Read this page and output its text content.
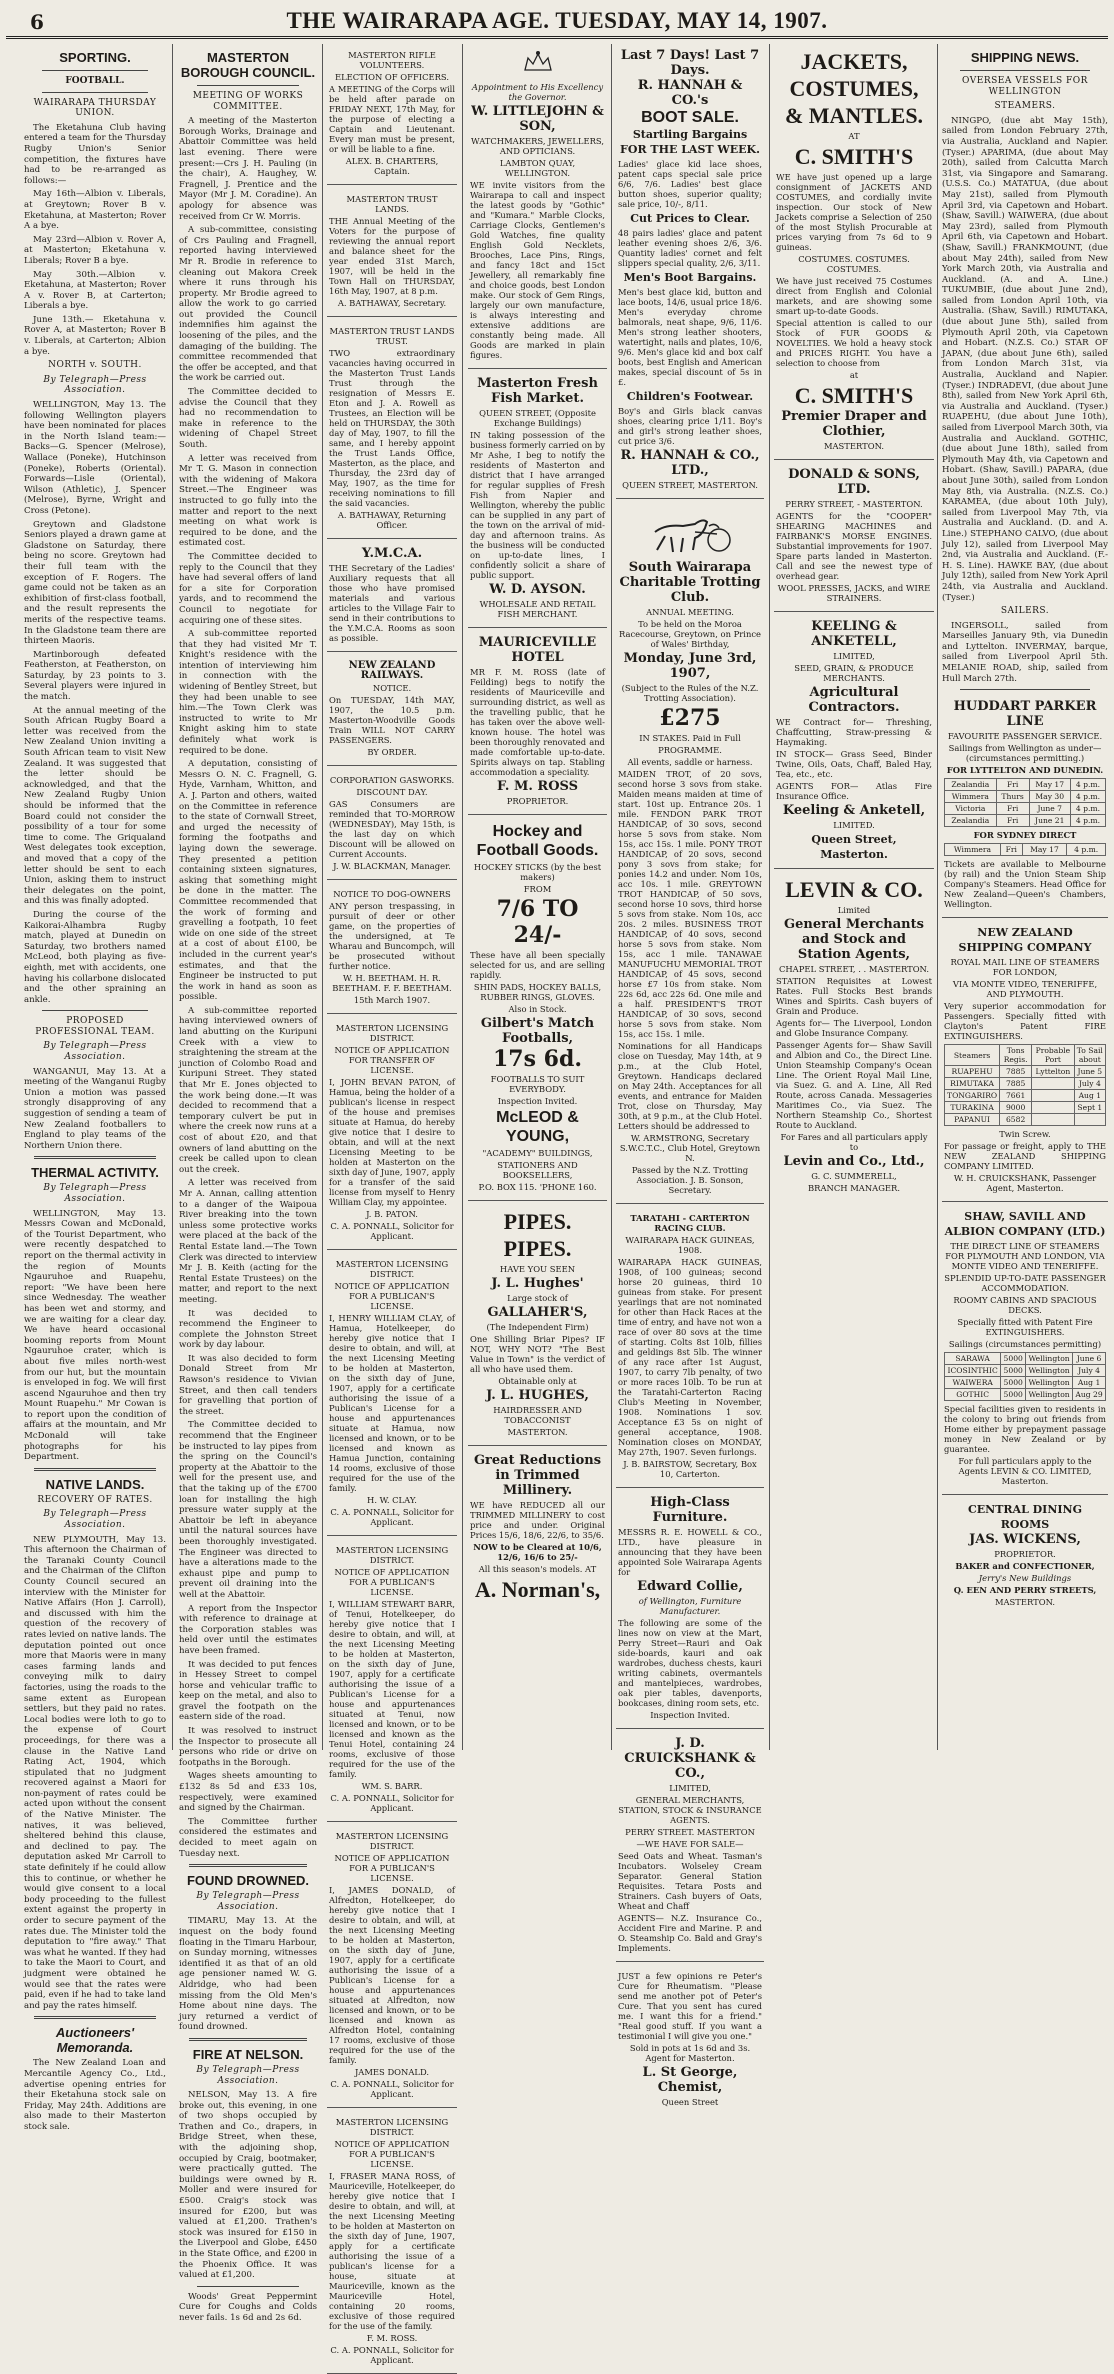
6	THE WAIRARAPA AGE. TUESDAY, MAY 14, 1907.
SPORTING.
FOOTBALL.
WAIRARAPA THURSDAY UNION.

The Eketahuna Club having entered a team for the Thursday Rugby Union's Senior competition, the fixtures have had to be re-arranged as follows:—

May 16th—Albion v. Liberals, at Greytown; Rover B v. Eketahuna, at Masterton; Rover A a bye.

May 23rd—Albion v. Rover A, at Masterton; Eketahuna v. Liberals; Rover B a bye.

May 30th.—Albion v. Eketahuna, at Masterton; Rover A v. Rover B, at Carterton; Liberals a bye.

June 13th.— Eketahuna v. Rover A, at Masterton; Rover B v. Liberals, at Carterton; Albion a bye.

NORTH v. SOUTH.
By Telegraph—Press Association.

WELLINGTON, May 13. The following Wellington players have been nominated for places in the North Island team:—Backs—G. Spencer (Melrose), Wallace (Poneke), Hutchinson (Poneke), Roberts (Oriental). Forwards—Lisle (Oriental), Wilson (Athletic), J. Spencer (Melrose), Byrne, Wright and Cross (Petone).

Greytown and Gladstone Seniors played a drawn game at Gladstone on Saturday, there being no score. Greytown had their full team with the exception of F. Rogers. The game could not be taken as an exhibition of first-class football, and the result represents the merits of the respective teams. In the Gladstone team there are thirteen Maoris.

Martinborough defeated Featherston, at Featherston, on Saturday, by 23 points to 3. Several players were injured in the match.

At the annual meeting of the South African Rugby Board a letter was received from the New Zealand Union inviting a South African team to visit New Zealand. It was suggested that the letter should be acknowledged, and that the New Zealand Rugby Union should be informed that the Board could not consider the possibility of a tour for some time to come. The Griqualand West delegates took exception, and moved that a copy of the letter should be sent to each Union, asking them to instruct their delegates on the point, and this was finally adopted.

During the course of the Kaikorai-Alhambra Rugby match, played at Dunedin on Saturday, two brothers named McLeod, both playing as five-eighth, met with accidents, one having his collarbone dislocated and the other spraining an ankle.

PROPOSED PROFESSIONAL TEAM.
By Telegraph—Press Association.

WANGANUI, May 13. At a meeting of the Wanganui Rugby Union a motion was passed strongly disapproving of any suggestion of sending a team of New Zealand footballers to England to play teams of the Northern Union there.

THERMAL ACTIVITY.
By Telegraph—Press Association.

WELLINGTON, May 13. Messrs Cowan and McDonald, of the Tourist Department, who were recently despatched to report on the thermal activity in the region of Mounts Ngauruhoe and Ruapehu, report: "We have been here since Wednesday. The weather has been wet and stormy, and we are waiting for a clear day. We have heard occasional booming reports from Mount Ngauruhoe crater, which is about five miles north-west from our hut, but the mountain is enveloped in fog. We will first ascend Ngauruhoe and then try Mount Ruapehu." Mr Cowan is to report upon the condition of affairs at the mountain, and Mr McDonald will take photographs for his Department.

NATIVE LANDS.
RECOVERY OF RATES.
By Telegraph—Press Association.

NEW PLYMOUTH, May 13. This afternoon the Chairman of the Taranaki County Council and the Chairman of the Clifton County Council secured an interview with the Minister for Native Affairs (Hon J. Carroll), and discussed with him the question of the recovery of rates levied on native lands. The deputation pointed out once more that Maoris were in many cases farming lands and conveying milk to dairy factories, using the roads to the same extent as European settlers, but they paid no rates. Local bodies were loth to go to the expense of Court proceedings, for there was a clause in the Native Land Rating Act, 1904, which stipulated that no judgment recovered against a Maori for non-payment of rates could be acted upon without the consent of the Native Minister. The natives, it was believed, sheltered behind this clause, and declined to pay. The deputation asked Mr Carroll to state definitely if he could allow this to continue, or whether he would give consent to a local body proceeding to the fullest extent against the property in order to secure payment of the rates due. The Minister told the deputation to "fire away." That was what he wanted. If they had to take the Maori to Court, and judgment were obtained he would see that the rates were paid, even if he had to take land and pay the rates himself.

Auctioneers' Memoranda.

The New Zealand Loan and Mercantile Agency Co., Ltd., advertise opening entries for their Eketahuna stock sale on Friday, May 24th. Additions are also made to their Masterton stock sale.

MASTERTON BOROUGH COUNCIL.
MEETING OF WORKS COMMITTEE.

A meeting of the Masterton Borough Works, Drainage and Abattoir Committee was held last evening. There were present:—Crs J. H. Pauling (in the chair), A. Haughey, W. Fragnell, J. Prentice and the Mayor (Mr J. M. Coradine). An apology for absence was received from Cr W. Morris.

A sub-committee, consisting of Crs Pauling and Fragnell, reported having interviewed Mr R. Brodie in reference to cleaning out Makora Creek where it runs through his property. Mr Brodie agreed to allow the work to go carried out provided the Council indemnifies him against the loosening of the piles, and the damaging of the building. The committee recommended that the offer be accepted, and that the work be carried out.

The Committee decided to advise the Council that they had no recommendation to make in reference to the widening of Chapel Street South.

A letter was received from Mr T. G. Mason in connection with the widening of Makora Street.—The Engineer was instructed to go fully into the matter and report to the next meeting on what work is required to be done, and the estimated cost.

The Committee decided to reply to the Council that they have had several offers of land for a site for Corporation yards, and to recommend the Council to negotiate for acquiring one of these sites.

A sub-committee reported that they had visited Mr T. Knight's residence with the intention of interviewing him in connection with the widening of Bentley Street, but they had been unable to see him.—The Town Clerk was instructed to write to Mr Knight asking him to state definitely what work is required to be done.

A deputation, consisting of Messrs O. N. C. Fragnell, G. Hyde, Varnham, Whitton, and A. J. Parton and others, waited on the Committee in reference to the state of Cornwall Street, and urged the necessity of forming the footpaths and laying down the sewerage. They presented a petition containing sixteen signatures, asking that something might be done in the matter. The Committee recommended that the work of forming and gravelling a footpath, 10 feet wide on one side of the street at a cost of about £100, be included in the current year's estimates, and that the Engineer be instructed to put the work in hand as soon as possible.

A sub-committee reported having interviewed owners of land abutting on the Kuripuni Creek with a view to straightening the stream at the junction of Colombo Road and Kuripuni Street. They stated that Mr E. Jones objected to the work being done.—It was decided to recommend that a temporary culvert be put in where the creek now runs at a cost of about £20, and that owners of land abutting on the creek be called upon to clean out the creek.

A letter was received from Mr A. Annan, calling attention to a danger of the Waipoua River breaking into the town unless some protective works were placed at the back of the Rental Estate land.—The Town Clerk was directed to interview Mr J. B. Keith (acting for the Rental Estate Trustees) on the matter, and report to the next meeting.

It was decided to recommend the Engineer to complete the Johnston Street work by day labour.

It was also decided to form Donald Street from Mr Rawson's residence to Vivian Street, and then call tenders for gravelling that portion of the street.

The Committee decided to recommend that the Engineer be instructed to lay pipes from the spring on the Council's property at the Abattoir to the well for the present use, and that the taking up of the £700 loan for installing the high pressure water supply at the Abattoir be left in abeyance until the natural sources have been thoroughly investigated. The Engineer was directed to have a alterations made to the exhaust pipe and pump to prevent oil draining into the well at the Abattoir.

A report from the Inspector with reference to drainage at the Corporation stables was held over until the estimates have been framed.

It was decided to put fences in Hessey Street to compel horse and vehicular traffic to keep on the metal, and also to gravel the footpath on the eastern side of the road.

It was resolved to instruct the Inspector to prosecute all persons who ride or drive on footpaths in the Borough.

Wages sheets amounting to £132 8s 5d and £33 10s, respectively, were examined and signed by the Chairman.

The Committee further considered the estimates and decided to meet again on Tuesday next.

FOUND DROWNED.
By Telegraph—Press Association.

TIMARU, May 13. At the inquest on the body found floating in the Timaru Harbour, on Sunday morning, witnesses identified it as that of an old age pensioner named W. G. Aldridge, who had been missing from the Old Men's Home about nine days. The jury returned a verdict of found drowned.

FIRE AT NELSON.
By Telegraph—Press Association.

NELSON, May 13. A fire broke out, this evening, in one of two shops occupied by Trathen and Co., drapers, in Bridge Street, when these, with the adjoining shop, occupied by Craig, bootmaker, were practically gutted. The buildings were owned by R. Moller and were insured for £500. Craig's stock was insured for £200, but was valued at £1,200. Trathen's stock was insured for £150 in the Liverpool and Globe, £450 in the State Office, and £200 in the Phoenix Office. It was valued at £1,200.

Woods' Great Peppermint Cure for Coughs and Colds never fails. 1s 6d and 2s 6d.

MASTERTON RIFLE VOLUNTEERS.
ELECTION OF OFFICERS.
A MEETING of the Corps will be held after parade on FRIDAY NEXT, 17th May, for the purpose of electing a Captain and Lieutenant. Every man must be present, or will be liable to a fine.
ALEX. B. CHARTERS, Captain.
MASTERTON TRUST LANDS.
THE Annual Meeting of the Voters for the purpose of reviewing the annual report and balance sheet for the year ended 31st March, 1907, will be held in the Town Hall on THURSDAY, 16th May, 1907, at 8 p.m.
A. BATHAWAY, Secretary.
MASTERTON TRUST LANDS TRUST.
TWO extraordinary vacancies having occurred in the Masterton Trust Lands Trust through the resignation of Messrs E. Eton and J. A. Rowell as Trustees, an Election will be held on THURSDAY, the 30th day of May, 1907, to fill the same, and I hereby appoint the Trust Lands Office, Masterton, as the place, and Thursday, the 23rd day of May, 1907, as the time for receiving nominations to fill the said vacancies.
A. BATHAWAY, Returning Officer.
Y.M.C.A.
THE Secretary of the Ladies' Auxiliary requests that all those who have promised materials and various articles to the Village Fair to send in their contributions to the Y.M.C.A. Rooms as soon as possible.
NEW ZEALAND RAILWAYS.
NOTICE.
On TUESDAY, 14th MAY, 1907, the 10.5 p.m. Masterton-Woodville Goods Train WILL NOT CARRY PASSENGERS.
BY ORDER.
CORPORATION GASWORKS.
DISCOUNT DAY.
GAS Consumers are reminded that TO-MORROW (WEDNESDAY), May 15th, is the last day on which Discount will be allowed on Current Accounts.
J. W. BLACKMAN, Manager.
NOTICE TO DOG-OWNERS
ANY person trespassing, in pursuit of deer or other game, on the properties of the undersigned, at Te Wharau and Buncompch, will be prosecuted without further notice.
W. H. BEETHAM. H. R. BEETHAM. F. F. BEETHAM.
15th March 1907.
MASTERTON LICENSING DISTRICT.
NOTICE OF APPLICATION FOR TRANSFER OF LICENSE.
I, JOHN BEVAN PATON, of Hamua, being the holder of a publican's license in respect of the house and premises situate at Hamua, do hereby give notice that I desire to obtain, and will at the next Licensing Meeting to be holden at Masterton on the sixth day of June, 1907, apply for a transfer of the said license from myself to Henry William Clay, my appointee.
J. B. PATON.
C. A. PONNALL, Solicitor for Applicant.
MASTERTON LICENSING DISTRICT.
NOTICE OF APPLICATION FOR A PUBLICAN'S LICENSE.
I, HENRY WILLIAM CLAY, of Hamua, Hotelkeeper, do hereby give notice that I desire to obtain, and will, at the next Licensing Meeting to be holden at Masterton, on the sixth day of June, 1907, apply for a certificate authorising the issue of a Publican's License for a house and appurtenances situate at Hamua, now licensed and known, or to be licensed and known as Hamua Junction, containing 14 rooms, exclusive of those required for the use of the family.
H. W. CLAY.
C. A. PONNALL, Solicitor for Applicant.
MASTERTON LICENSING DISTRICT.
NOTICE OF APPLICATION FOR A PUBLICAN'S LICENSE.
I, WILLIAM STEWART BARR, of Tenui, Hotelkeeper, do hereby give notice that I desire to obtain, and will, at the next Licensing Meeting to be holden at Masterton, on the sixth day of June, 1907, apply for a certificate authorising the issue of a Publican's License for a house and appurtenances situated at Tenui, now licensed and known, or to be licensed and known as the Tenui Hotel, containing 24 rooms, exclusive of those required for the use of the family.
WM. S. BARR.
C. A. PONNALL, Solicitor for Applicant.
MASTERTON LICENSING DISTRICT.
NOTICE OF APPLICATION FOR A PUBLICAN'S LICENSE.
I, JAMES DONALD, of Alfredton, Hotelkeeper, do hereby give notice that I desire to obtain, and will, at the next Licensing Meeting to be holden at Masterton, on the sixth day of June, 1907, apply for a certificate authorising the issue of a Publican's License for a house and appurtenances situated at Alfredton, now licensed and known, or to be licensed and known as Alfredton Hotel, containing 17 rooms, exclusive of those required for the use of the family.
JAMES DONALD.
C. A. PONNALL, Solicitor for Applicant.
MASTERTON LICENSING DISTRICT.
NOTICE OF APPLICATION FOR A PUBLICAN'S LICENSE.
I, FRASER MANA ROSS, of Mauriceville, Hotelkeeper, do hereby give notice that I desire to obtain, and will, at the next Licensing Meeting to be holden at Masterton on the sixth day of June, 1907, apply for a certificate authorising the issue of a publican's license for a house, situate at Mauriceville, known as the Mauriceville Hotel, containing 20 rooms, exclusive of those required for the use of the family.
F. M. ROSS.
C. A. PONNALL, Solicitor for Applicant.
Appointment to His Excellency the Governor.
W. LITTLEJOHN & SON,
WATCHMAKERS, JEWELLERS, AND OPTICIANS.
LAMBTON QUAY, WELLINGTON.
WE invite visitors from the Wairarapa to call and inspect the latest goods by "Gothic" and "Kumara." Marble Clocks, Carriage Clocks, Gentlemen's Gold Watches, fine quality English Gold Necklets, Brooches, Lace Pins, Rings, and fancy 18ct and 15ct Jewellery, all remarkably fine and choice goods, best London make. Our stock of Gem Rings, largely our own manufacture, is always interesting and extensive additions are constantly being made. All Goods are marked in plain figures.
Masterton Fresh Fish Market.
QUEEN STREET, (Opposite Exchange Buildings)
IN taking possession of the business formerly carried on by Mr Ashe, I beg to notify the residents of Masterton and district that I have arranged for regular supplies of Fresh Fish from Napier and Wellington, whereby the public can be supplied in any part of the town on the arrival of mid-day and afternoon trains. As the business will be conducted on up-to-date lines, I confidently solicit a share of public support.
W. D. AYSON.
WHOLESALE AND RETAIL FISH MERCHANT.
MAURICEVILLE HOTEL
MR F. M. ROSS (late of Feilding) begs to notify the residents of Mauriceville and surrounding district, as well as the travelling public, that he has taken over the above well-known house. The hotel was been thoroughly renovated and made comfortable up-to-date. Spirits always on tap. Stabling accommodation a speciality.
F. M. ROSS
PROPRIETOR.
Hockey and Football Goods.
HOCKEY STICKS (by the best makers)
FROM
7/6 TO 24/-
These have all been specially selected for us, and are selling rapidly.
SHIN PADS, HOCKEY BALLS, RUBBER RINGS, GLOVES.
Also in Stock.
Gilbert's Match Footballs,
17s 6d.
FOOTBALLS TO SUIT EVERYBODY.
Inspection Invited.
McLEOD & YOUNG,
"ACADEMY" BUILDINGS,
STATIONERS AND BOOKSELLERS,
P.O. BOX 115. 'PHONE 160.
PIPES. PIPES.
HAVE YOU SEEN
J. L. Hughes'
Large stock of
GALLAHER'S,
(The Independent Firm)
One Shilling Briar Pipes? IF NOT, WHY NOT? "The Best Value in Town" is the verdict of all who have used them.
Obtainable only at
J. L. HUGHES,
HAIRDRESSER AND TOBACCONIST
MASTERTON.
Great Reductions in Trimmed Millinery.
WE have REDUCED all our TRIMMED MILLINERY to cost price and under. Original Prices 15/6, 18/6, 22/6, to 35/6.
NOW to be Cleared at 10/6, 12/6, 16/6 to 25/-
All this season's models. AT
A. Norman's,
Last 7 Days! Last 7 Days.
R. HANNAH & CO.'s
BOOT SALE.
Startling Bargains
FOR THE LAST WEEK.
Ladies' glace kid lace shoes, patent caps special sale price 6/6, 7/6. Ladies' best glace button shoes, superior quality; sale price, 10/-, 8/11.
Cut Prices to Clear.
48 pairs ladies' glace and patent leather evening shoes 2/6, 3/6. Quantity ladies' cornet and felt slippers special quality, 2/6, 3/11.
Men's Boot Bargains.
Men's best glace kid, button and lace boots, 14/6, usual price 18/6. Men's everyday chrome balmorals, neat shape, 9/6, 11/6. Men's strong leather shooters, watertight, nails and plates, 10/6, 9/6. Men's glace kid and box calf boots, best English and American makes, special discount of 5s in £.
Children's Footwear.
Boy's and Girls black canvas shoes, clearing price 1/11. Boy's and girl's strong leather shoes, cut price 3/6.
R. HANNAH & CO., LTD.,
QUEEN STREET, MASTERTON.
South Wairarapa Charitable Trotting Club.
ANNUAL MEETING.
To be held on the Moroa Racecourse, Greytown, on Prince of Wales' Birthday,
Monday, June 3rd, 1907,
(Subject to the Rules of the N.Z. Trotting Association).
£275
IN STAKES. Paid in Full
PROGRAMME.
All events, saddle or harness.
MAIDEN TROT, of 20 sovs, second horse 3 sovs from stake. Maiden means maiden at time of start. 10st up. Entrance 20s. 1 mile. FENDON PARK TROT HANDICAP, of 30 sovs, second horse 5 sovs from stake. Nom 15s, acc 15s. 1 mile. PONY TROT HANDICAP, of 20 sovs, second pony 3 sovs from stake; for ponies 14.2 and under. Nom 10s, acc 10s. 1 mile. GREYTOWN TROT HANDICAP, of 50 sovs, second horse 10 sovs, third horse 5 sovs from stake. Nom 10s, acc 20s. 2 miles. BUSINESS TROT HANDICAP, of 40 sovs, second horse 5 sovs from stake. Nom 15s, acc 1 mile. TANAWAE MANUFUCHU MEMORIAL TROT HANDICAP, of 45 sovs, second horse £7 10s from stake. Nom 22s 6d, acc 22s 6d. One mile and a half. PRESIDENT'S TROT HANDICAP, of 30 sovs, second horse 5 sovs from stake. Nom 15s, acc 15s. 1 mile.
Nominations for all Handicaps close on Tuesday, May 14th, at 9 p.m., at the Club Hotel, Greytown. Handicaps declared on May 24th. Acceptances for all events, and entrance for Maiden Trot, close on Thursday, May 30th, at 9 p.m., at the Club Hotel. Letters should be addressed to
W. ARMSTRONG, Secretary S.W.C.T.C., Club Hotel, Greytown N.
Passed by the N.Z. Trotting Association. J. B. Sonson, Secretary.
TARATAHI - CARTERTON RACING CLUB.
WAIRARAPA HACK GUINEAS, 1908.
WAIRARAPA HACK GUINEAS, 1908, of 100 guineas; second horse 20 guineas, third 10 guineas from stake. For present yearlings that are not nominated for other than Hack Races at the time of entry, and have not won a race of over 80 sovs at the time of starting. Colts 8st 10lb, fillies and geldings 8st 5lb. The winner of any race after 1st August, 1907, to carry 7lb penalty, of two or more races 10lb. To be run at the Taratahi-Carterton Racing Club's Meeting in November, 1908. Nominations 1 sov. Acceptance £3 5s on night of general acceptance, 1908. Nomination closes on MONDAY, May 27th, 1907. Seven furlongs.
J. B. BAIRSTOW, Secretary, Box 10, Carterton.
High-Class Furniture.
MESSRS R. E. HOWELL & CO., LTD., have pleasure in announcing that they have been appointed Sole Wairarapa Agents for
Edward Collie,
of Wellington, Furniture Manufacturer.
The following are some of the lines now on view at the Mart, Perry Street—Rauri and Oak side-boards, kauri and oak wardrobes, duchess chests, kauri writing cabinets, overmantels and mantelpieces, wardrobes, oak pier tables, davenports, bookcases, dining room sets, etc.
Inspection Invited.
J. D. CRUICKSHANK & CO.,
LIMITED,
GENERAL MERCHANTS, STATION, STOCK & INSURANCE AGENTS.
PERRY STREET. MASTERTON
—WE HAVE FOR SALE—
Seed Oats and Wheat. Tasman's Incubators. Wolseley Cream Separator. General Station Requisites. Tetara Posts and Strainers. Cash buyers of Oats, Wheat and Chaff
AGENTS— N.Z. Insurance Co., Accident Fire and Marine. P. and O. Steamship Co. Bald and Gray's Implements.
JUST a few opinions re Peter's Cure for Rheumatism. "Please send me another pot of Peter's Cure. That you sent has cured me. I want this for a friend." "Real good stuff. If you want a testimonial I will give you one."
Sold in pots at 1s 6d and 3s. Agent for Masterton.
L. St George, Chemist,
Queen Street
JACKETS,
COSTUMES,
& MANTLES.
AT
C. SMITH'S
WE have just opened up a large consignment of JACKETS AND COSTUMES, and cordially invite inspection. Our stock of New Jackets comprise a Selection of 250 of the most Stylish Procurable at prices varying from 7s 6d to 9 guineas.
COSTUMES. COSTUMES. COSTUMES.
We have just received 75 Costumes direct from English and Colonial markets, and are showing some smart up-to-date Goods.
Special attention is called to our Stock of FUR GOODS & NOVELTIES. We hold a heavy stock and PRICES RIGHT. You have a selection to choose from
at
C. SMITH'S
Premier Draper and Clothier,
MASTERTON.
DONALD & SONS, LTD.
PERRY STREET, - MASTERTON.
AGENTS for the "COOPER" SHEARING MACHINES and FAIRBANK'S MORSE ENGINES. Substantial improvements for 1907. Spare parts landed in Masterton. Call and see the newest type of overhead gear.
WOOL PRESSES, JACKS, and WIRE STRAINERS.
KEELING & ANKETELL,
LIMITED,
SEED, GRAIN, & PRODUCE MERCHANTS.
Agricultural Contractors.
WE Contract for— Threshing, Chaffcutting, Straw-pressing & Haymaking.
IN STOCK— Grass Seed, Binder Twine, Oils, Oats, Chaff, Baled Hay, Tea, etc., etc.
AGENTS FOR— Atlas Fire Insurance Office.
Keeling & Anketell,
LIMITED.
Queen Street, Masterton.
LEVIN & CO.
Limited
General Merchants and Stock and Station Agents,
CHAPEL STREET, . . MASTERTON.
STATION Requisites at Lowest Rates. Full Stocks Best brands Wines and Spirits. Cash buyers of Grain and Produce.
Agents for— The Liverpool, London and Globe Insurance Company.
Passenger Agents for— Shaw Savill and Albion and Co., the Direct Line. Union Steamship Company's Ocean Line. The Orient Royal Mail Line, via Suez. G. and A. Line, All Red Route, across Canada. Messageries Maritimes Co., via Suez. The Northern Steamship Co., Shortest Route to Auckland.
For Fares and all particulars apply to
Levin and Co., Ltd.,
G. C. SUMMERELL,
BRANCH MANAGER.
SHIPPING NEWS.
OVERSEA VESSELS FOR WELLINGTON
STEAMERS.

NINGPO, (due abt May 15th), sailed from London February 27th, via Australia, Auckland and Napier. (Tyser.) APARIMA, (due about May 20th), sailed from Calcutta March 31st, via Singapore and Samarang. (U.S.S. Co.) MATATUA, (due about May 21st), sailed from Plymouth April 3rd, via Capetown and Hobart. (Shaw, Savill.) WAIWERA, (due about May 23rd), sailed from Plymouth April 6th, via Capetown and Hobart. (Shaw, Savill.) FRANKMOUNT, (due about May 24th), sailed from New York March 20th, via Australia and Auckland. (A. and A. Line.) TUKUMBIE, (due about June 2nd), sailed from London April 10th, via Australia. (Shaw, Savill.) RIMUTAKA, (due about June 5th), sailed from Plymouth April 20th, via Capetown and Hobart. (N.Z.S. Co.) STAR OF JAPAN, (due about June 6th), sailed from London March 31st, via Australia, Auckland and Napier. (Tyser.) INDRADEVI, (due about June 8th), sailed from New York April 6th, via Australia and Auckland. (Tyser.) RUAPEHU, (due about June 10th), sailed from Liverpool March 30th, via Australia and Auckland. GOTHIC, (due about June 18th), sailed from Plymouth May 4th, via Capetown and Hobart. (Shaw, Savill.) PAPARA, (due about June 30th), sailed from London May 8th, via Australia. (N.Z.S. Co.) KARAMEA, (due about 10th July), sailed from Liverpool May 7th, via Australia and Auckland. (D. and A. Line.) STEPHANO CALVO, (due about July 12), sailed from Liverpool May 2nd, via Australia and Auckland. (F.-H. S. Line). HAWKE BAY, (due about July 12th), sailed from New York April 24th, via Australia and Auckland. (Tyser.)

SAILERS.

INGERSOLL, sailed from Marseilles January 9th, via Dunedin and Lyttelton. INVERMAY, barque, sailed from Liverpool April 5th. MELANIE ROAD, ship, sailed from Hull March 27th.

HUDDART PARKER LINE
FAVOURITE PASSENGER SERVICE.
Sailings from Wellington as under— (circumstances permitting.)
FOR LYTTELTON AND DUNEDIN.
Zealandia	Fri	May 17	4 p.m.
Wimmera	Thurs	May 30	4 p.m.
Victoria	Fri	June 7	4 p.m.
Zealandia	Fri	June 21	4 p.m.
FOR SYDNEY DIRECT
Wimmera	Fri	May 17	4 p.m.
Tickets are available to Melbourne (by rail) and the Union Steam Ship Company's Steamers. Head Office for New Zealand—Queen's Chambers, Wellington.
NEW ZEALAND SHIPPING COMPANY
ROYAL MAIL LINE OF STEAMERS FOR LONDON,
VIA MONTE VIDEO, TENERIFFE, AND PLYMOUTH.
Very superior accommodation for Passengers. Specially fitted with Clayton's Patent FIRE EXTINGUISHERS.
Steamers	Tons Regis.	Probable Port	To Sail about
RUAPEHU	7885	Lyttelton	June 5
RIMUTAKA	7885		July 4
TONGARIRO	7661		Aug 1
TURAKINA	9000		Sept 1
PAPANUI	6582		
Twin Screw.
For passage or freight, apply to THE NEW ZEALAND SHIPPING COMPANY LIMITED.
W. H. CRUICKSHANK, Passenger Agent, Masterton.
SHAW, SAVILL AND ALBION COMPANY (LTD.)
THE DIRECT LINE OF STEAMERS FOR PLYMOUTH AND LONDON, VIA MONTE VIDEO AND TENERIFFE.
SPLENDID UP-TO-DATE PASSENGER ACCOMMODATION.
ROOMY CABINS AND SPACIOUS DECKS.
Specially fitted with Patent Fire EXTINGUISHERS.
Sailings (circumstances permitting)
SARAWA	5000	Wellington	June 6
ICOSINTHIC	5000	Wellington	July 4
WAIWERA	5000	Wellington	Aug 1
GOTHIC	5000	Wellington	Aug 29
Special facilities given to residents in the colony to bring out friends from Home either by prepayment passage money in New Zealand or by guarantee.
For full particulars apply to the Agents LEVIN & CO. LIMITED, Masterton.
CENTRAL DINING ROOMS
JAS. WICKENS,
PROPRIETOR.
BAKER and CONFECTIONER,
Jerry's New Buildings
Q. EEN AND PERRY STREETS,
MASTERTON.
